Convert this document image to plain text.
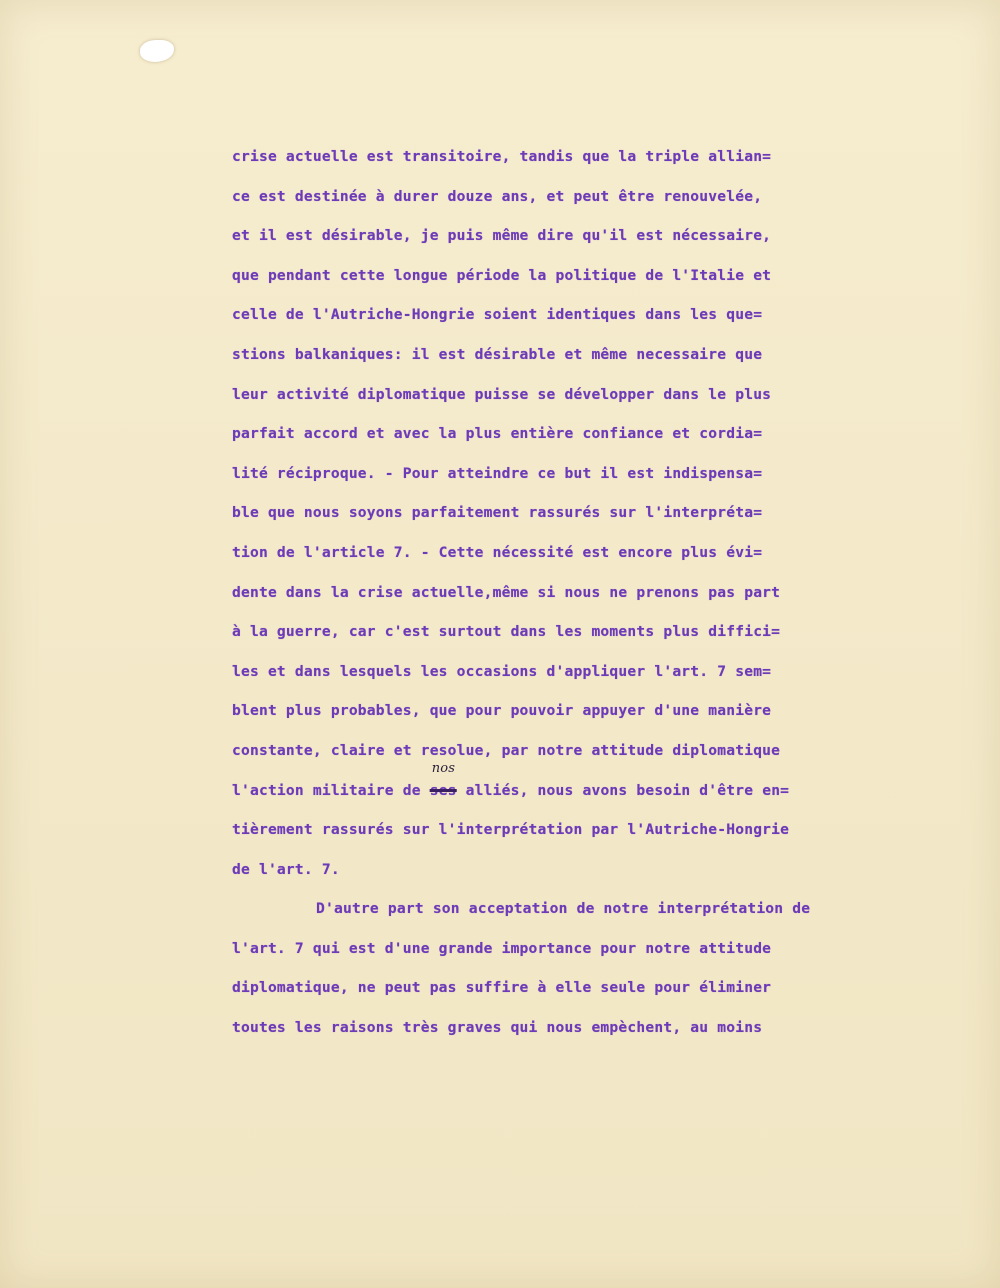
crise actuelle est transitoire, tandis que la triple allian=
ce est destinée à durer douze ans, et peut être renouvelée,
et il est désirable, je puis même dire qu'il est nécessaire,
que pendant cette longue période la politique de l'Italie et
celle de l'Autriche-Hongrie soient identiques dans les que=
stions balkaniques: il est désirable et même necessaire que
leur activité diplomatique puisse se développer dans le plus
parfait accord et avec la plus entière confiance et cordia=
lité réciproque. - Pour atteindre ce but il est indispensa=
ble que nous soyons parfaitement rassurés sur l'interpréta=
tion de l'article 7. - Cette nécessité est encore plus évi=
dente dans la crise actuelle,même si nous ne prenons pas part
à la guerre, car c'est surtout dans les moments plus diffici=
les et dans lesquels les occasions d'appliquer l'art. 7 sem=
blent plus probables, que pour pouvoir appuyer d'une manière
constante, claire et resolue, par notre attitude diplomatique
l'action militaire de ses
nos
alliés, nous avons besoin d'être en=
tièrement rassurés sur l'interprétation par l'Autriche-Hongrie
de l'art. 7.
D'autre part son acceptation de notre interprétation de
l'art. 7 qui est d'une grande importance pour notre attitude
diplomatique, ne peut pas suffire à elle seule pour éliminer
toutes les raisons très graves qui nous empèchent, au moins
